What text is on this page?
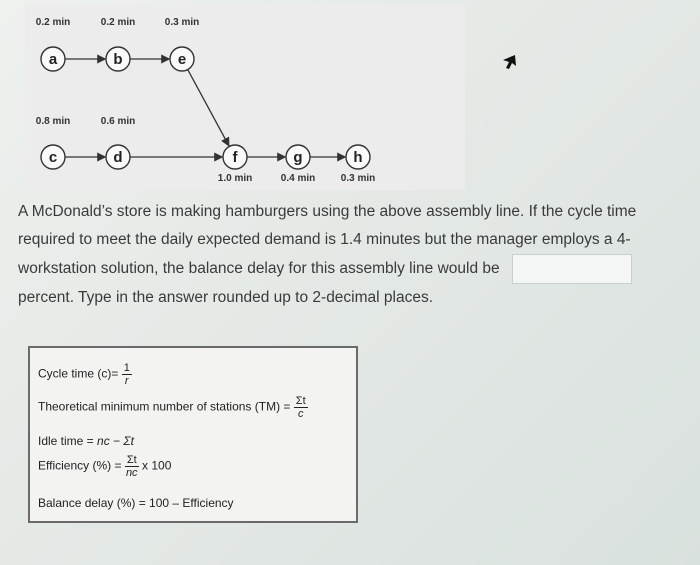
a	b	e
c	d	f	g	h
0.2 min	0.2 min	0.3 min
0.8 min	0.6 min
1.0 min	0.4 min	0.3 min

A McDonald’s store is making hamburgers using the above assembly line. If the cycle time required to meet the daily expected demand is 1.4 minutes but the manager employs a 4-workstation solution, the balance delay for this assembly line would be  percent. Type in the answer rounded up to 2-decimal places.

Cycle time $(c)= \frac{1}{r}$
Theoretical minimum number of stations $(TM) = \frac{\Sigma t}{c}$
Idle time = nc − Σt
Efficiency (%) = $\frac{\Sigma t}{nc}$ x 100
Balance delay (%) = 100 – Efficiency
